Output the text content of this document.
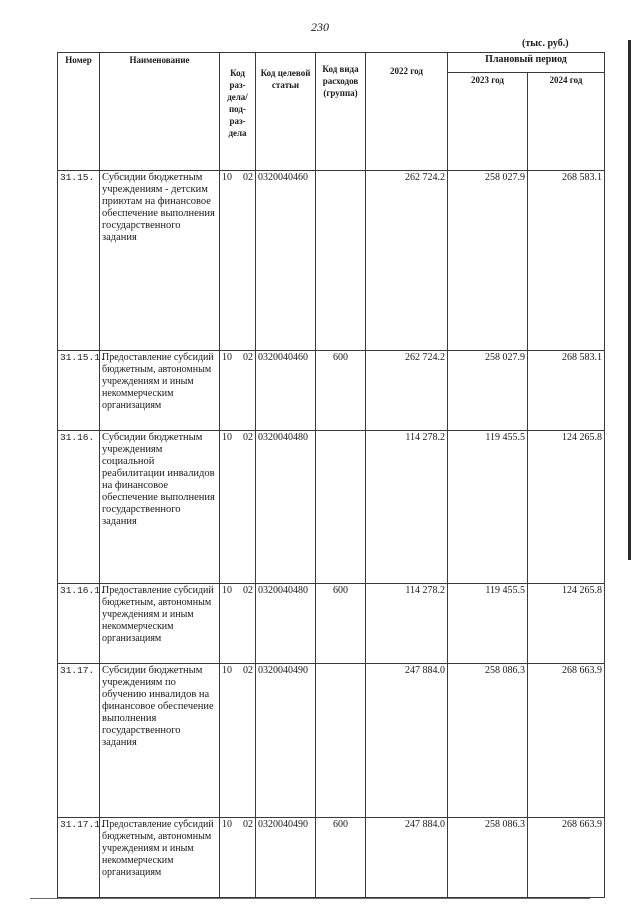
230
(тыс. руб.)
Номер	Наименование	Код раз-дела/ под-раз-дела	Код целевой статьи	Код вида расходов (группа)	2022 год	Плановый период	
						2023 год	2024 год
31.15.	Субсидии бюджетным учреждениям - детским приютам на финансовое обеспечение выполнения государственного задания	10 02	0320040460		262 724.2	258 027.9	268 583.1
31.15.1.	Предоставление субсидий бюджетным, автономным учреждениям и иным некоммерческим организациям	10 02	0320040460	600	262 724.2	258 027.9	268 583.1
31.16.	Субсидии бюджетным учреждениям социальной реабилитации инвалидов на финансовое обеспечение выполнения государственного задания	10 02	0320040480		114 278.2	119 455.5	124 265.8
31.16.1.	Предоставление субсидий бюджетным, автономным учреждениям и иным некоммерческим организациям	10 02	0320040480	600	114 278.2	119 455.5	124 265.8
31.17.	Субсидии бюджетным учреждениям по обучению инвалидов на финансовое обеспечение выполнения государственного задания	10 02	0320040490		247 884.0	258 086.3	268 663.9
31.17.1.	Предоставление субсидий бюджетным, автономным учреждениям и иным некоммерческим организациям	10 02	0320040490	600	247 884.0	258 086.3	268 663.9
